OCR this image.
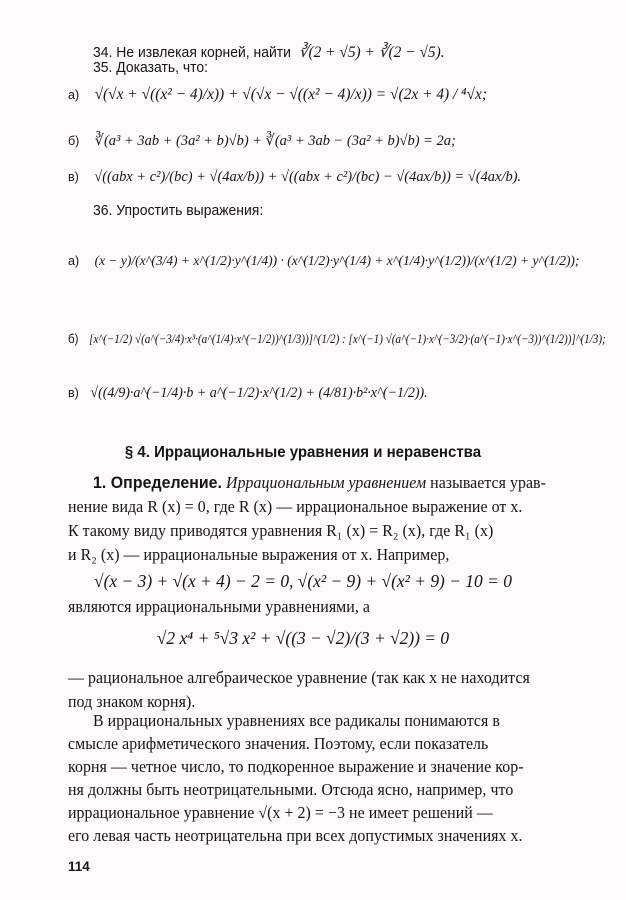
34. Не извлекая корней, найти ∛(2 + √5) + ∛(2 − √5).
35. Доказать, что:
а) √(√x + √((x² − 4)/x)) + √(√x − √((x² − 4)/x)) = √(2x + 4) / ⁴√x;
б) ∛(a³ + 3ab + (3a² + b)√b) + ∛(a³ + 3ab − (3a² + b)√b) = 2a;
в) √((abx + c²)/(bc) + √(4ax/b)) + √((abx + c²)/(bc) − √(4ax/b)) = √(4ax/b).
36. Упростить выражения:
а) (x − y)/(x^(3/4) + x^(1/2)·y^(1/4)) · (x^(1/2)·y^(1/4) + x^(1/4)·y^(1/2))/(x^(1/2) + y^(1/2));
б) [x^(−1/2) √(a^(−3/4)·x³·(a^(1/4)·x^(−1/2))^(1/3))]^(1/2) : [x^(−1) √(a^(−1)·x^(−3/2)·(a^(−1)·x^(−3))^(1/2))]^(1/3);
в) √((4/9)·a^(−1/4)·b + a^(−1/2)·x^(1/2) + (4/81)·b²·x^(−1/2)).
§ 4. Иррациональные уравнения и неравенства
1. Определение. Иррациональным уравнением называется урав-
нение вида R (x) = 0, где R (x) — иррациональное выражение от x.
К такому виду приводятся уравнения R₁ (x) = R₂ (x), где R₁ (x)
и R₂ (x) — иррациональные выражения от x. Например,
√(x − 3) + √(x + 4) − 2 = 0, √(x² − 9) + √(x² + 9) − 10 = 0
являются иррациональными уравнениями, а
√2 x⁴ + ⁵√3 x² + √((3 − √2)/(3 + √2)) = 0
— рациональное алгебраическое уравнение (так как x не находится
под знаком корня).
В иррациональных уравнениях все радикалы понимаются в
смысле арифметического значения. Поэтому, если показатель
корня — четное число, то подкоренное выражение и значение кор-
ня должны быть неотрицательными. Отсюда ясно, например, что
иррациональное уравнение √(x + 2) = −3 не имеет решений —
его левая часть неотрицательна при всех допустимых значениях x.
114
